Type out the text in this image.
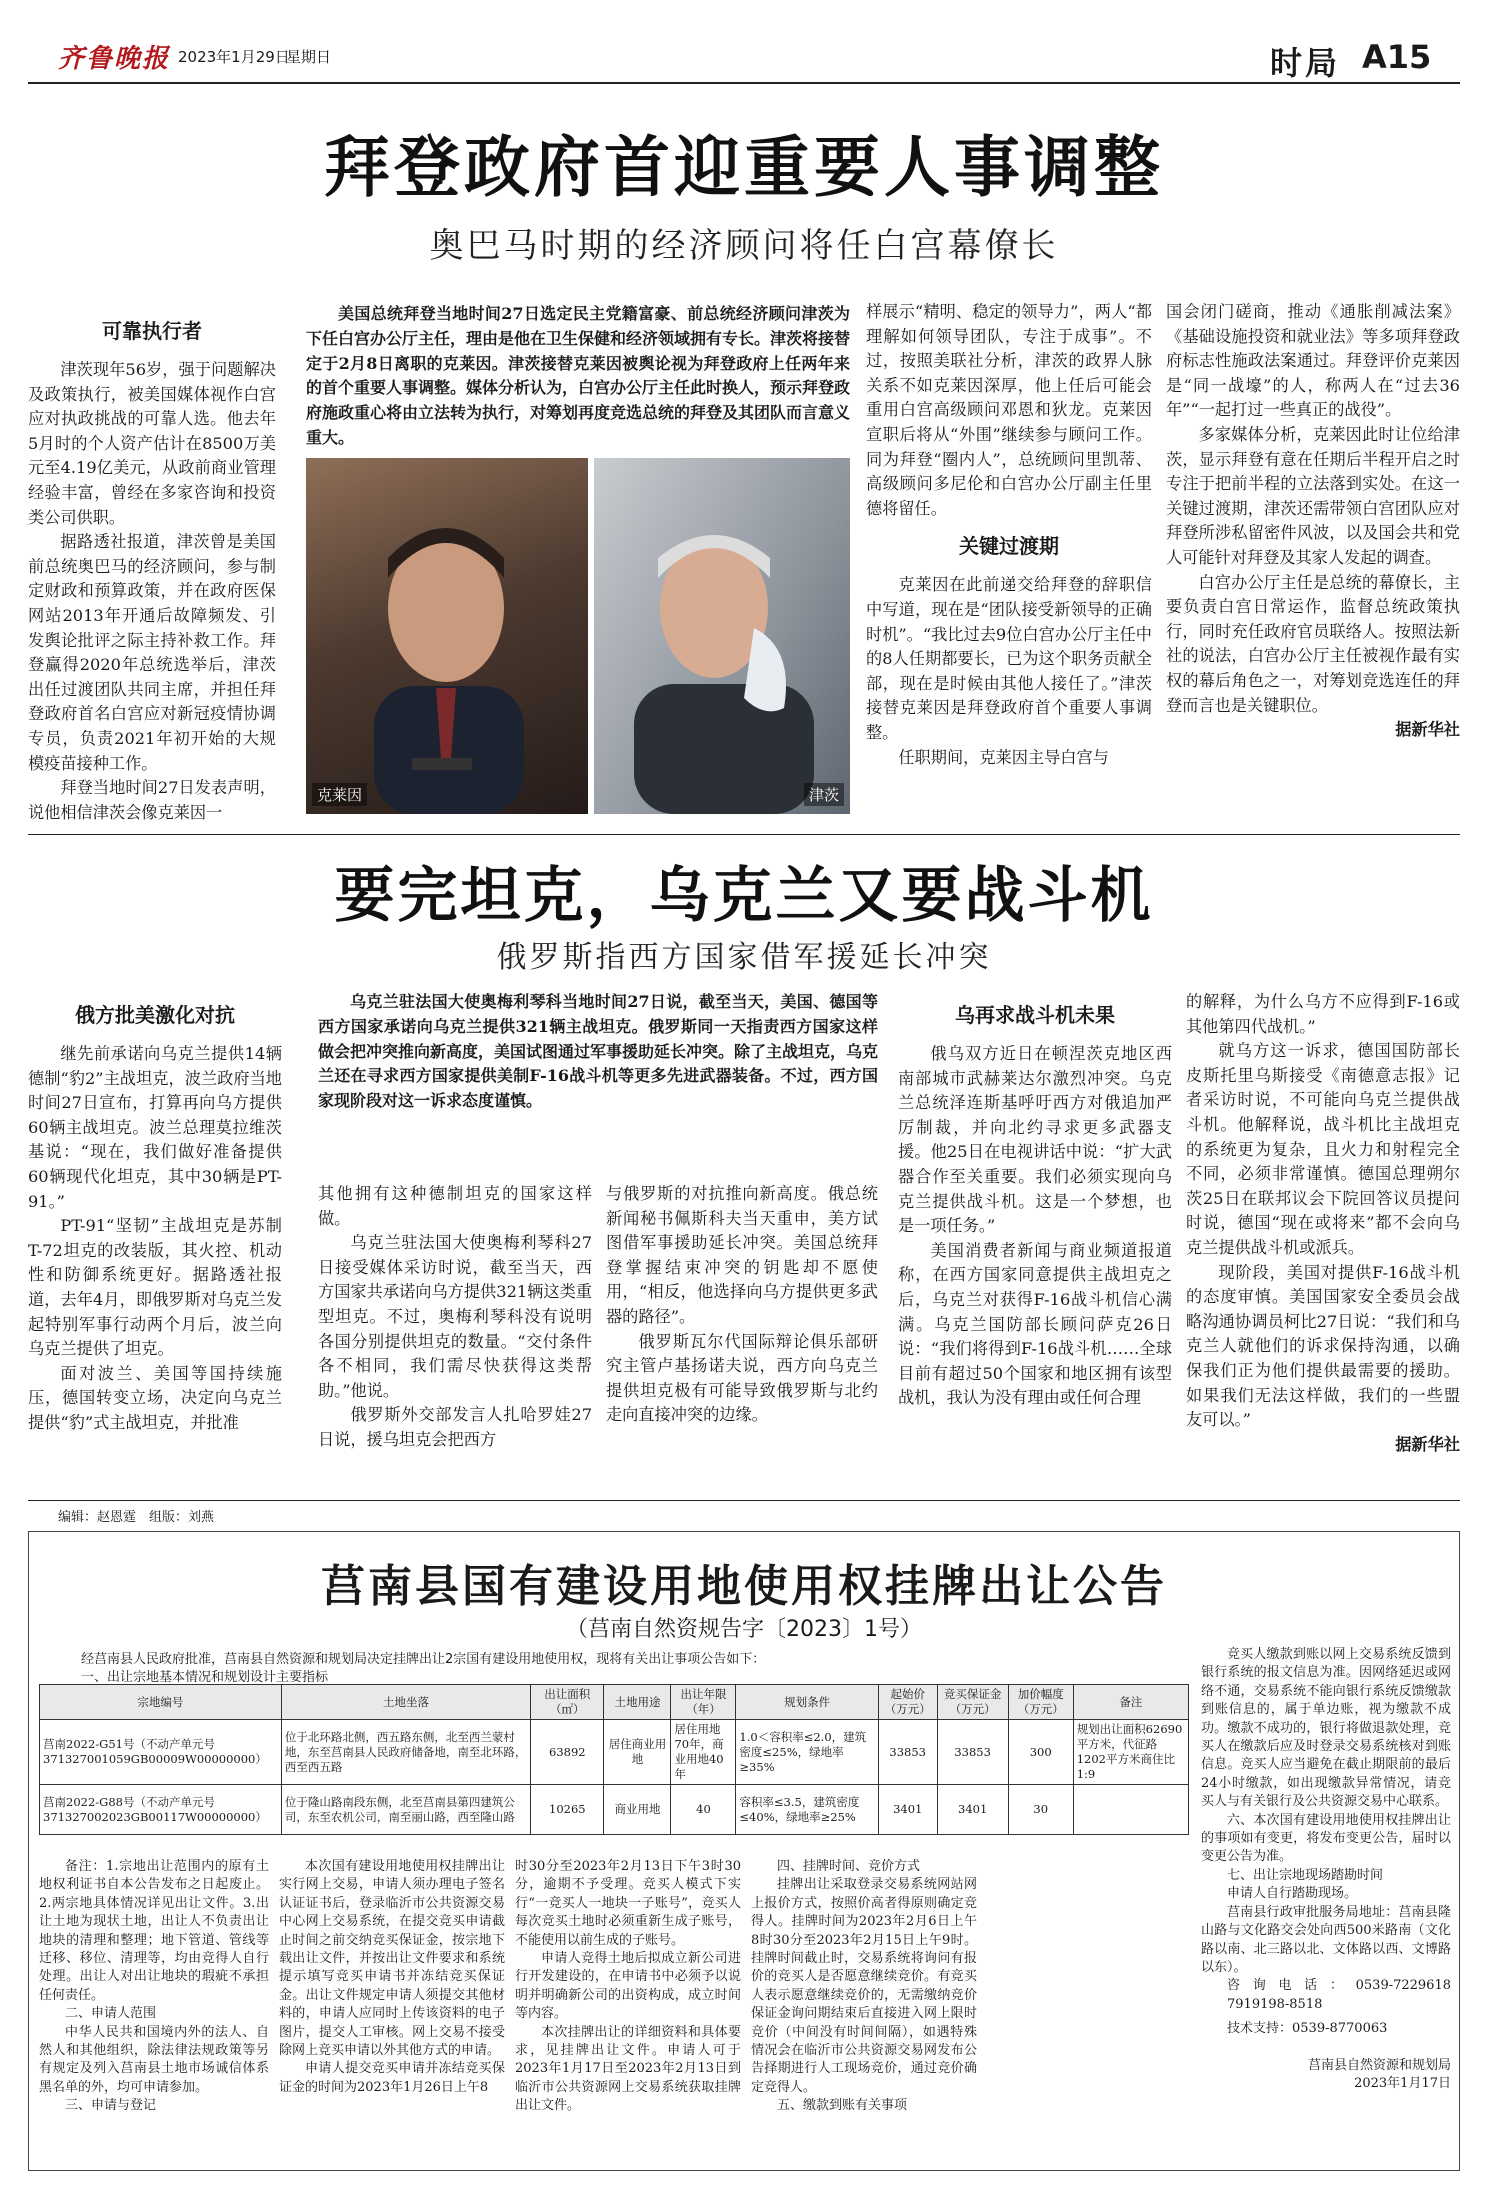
齐鲁晚报 2023年1月29日
星期日	时局 A15
拜登政府首迎重要人事调整
奥巴马时期的经济顾问将任白宫幕僚长
可靠执行者

津茨现年56岁，强于问题解决及政策执行，被美国媒体视作白宫应对执政挑战的可靠人选。他去年5月时的个人资产估计在8500万美元至4.19亿美元，从政前商业管理经验丰富，曾经在多家咨询和投资类公司供职。

据路透社报道，津茨曾是美国前总统奥巴马的经济顾问，参与制定财政和预算政策，并在政府医保网站2013年开通后故障频发、引发舆论批评之际主持补救工作。拜登赢得2020年总统选举后，津茨出任过渡团队共同主席，并担任拜登政府首名白宫应对新冠疫情协调专员，负责2021年初开始的大规模疫苗接种工作。

拜登当地时间27日发表声明，说他相信津茨会像克莱因一

美国总统拜登当地时间27日选定民主党籍富豪、前总统经济顾问津茨为下任白宫办公厅主任，理由是他在卫生保健和经济领域拥有专长。津茨将接替定于2月8日离职的克莱因。津茨接替克莱因被舆论视为拜登政府上任两年来的首个重要人事调整。媒体分析认为，白宫办公厅主任此时换人，预示拜登政府施政重心将由立法转为执行，对筹划再度竞选总统的拜登及其团队而言意义重大。

克莱因	津茨

样展示“精明、稳定的领导力”，两人“都理解如何领导团队，专注于成事”。不过，按照美联社分析，津茨的政界人脉关系不如克莱因深厚，他上任后可能会重用白宫高级顾问邓恩和狄龙。克莱因宣职后将从“外围”继续参与顾问工作。同为拜登“圈内人”，总统顾问里凯蒂、高级顾问多尼伦和白宫办公厅副主任里德将留任。

关键过渡期

克莱因在此前递交给拜登的辞职信中写道，现在是“团队接受新领导的正确时机”。“我比过去9位白宫办公厅主任中的8人任期都要长，已为这个职务贡献全部，现在是时候由其他人接任了。”津茨接替克莱因是拜登政府首个重要人事调整。

任职期间，克莱因主导白宫与

国会闭门磋商，推动《通胀削减法案》《基础设施投资和就业法》等多项拜登政府标志性施政法案通过。拜登评价克莱因是“同一战壕”的人，称两人在“过去36年”“一起打过一些真正的战役”。

多家媒体分析，克莱因此时让位给津茨，显示拜登有意在任期后半程开启之时专注于把前半程的立法落到实处。在这一关键过渡期，津茨还需带领白宫团队应对拜登所涉私留密件风波，以及国会共和党人可能针对拜登及其家人发起的调查。

白宫办公厅主任是总统的幕僚长，主要负责白宫日常运作，监督总统政策执行，同时充任政府官员联络人。按照法新社的说法，白宫办公厅主任被视作最有实权的幕后角色之一，对筹划竞选连任的拜登而言也是关键职位。

据新华社
要完坦克，乌克兰又要战斗机
俄罗斯指西方国家借军援延长冲突
俄方批美激化对抗

继先前承诺向乌克兰提供14辆德制“豹2”主战坦克，波兰政府当地时间27日宣布，打算再向乌方提供60辆主战坦克。波兰总理莫拉维茨基说：“现在，我们做好准备提供60辆现代化坦克，其中30辆是PT-91。”

PT-91“坚韧”主战坦克是苏制T-72坦克的改装版，其火控、机动性和防御系统更好。据路透社报道，去年4月，即俄罗斯对乌克兰发起特别军事行动两个月后，波兰向乌克兰提供了坦克。

面对波兰、美国等国持续施压，德国转变立场，决定向乌克兰提供“豹”式主战坦克，并批准

乌克兰驻法国大使奥梅利琴科当地时间27日说，截至当天，美国、德国等西方国家承诺向乌克兰提供321辆主战坦克。俄罗斯同一天指责西方国家这样做会把冲突推向新高度，美国试图通过军事援助延长冲突。除了主战坦克，乌克兰还在寻求西方国家提供美制F-16战斗机等更多先进武器装备。不过，西方国家现阶段对这一诉求态度谨慎。

其他拥有这种德制坦克的国家这样做。

乌克兰驻法国大使奥梅利琴科27日接受媒体采访时说，截至当天，西方国家共承诺向乌方提供321辆这类重型坦克。不过，奥梅利琴科没有说明各国分别提供坦克的数量。“交付条件各不相同，我们需尽快获得这类帮助。”他说。

俄罗斯外交部发言人扎哈罗娃27日说，援乌坦克会把西方

与俄罗斯的对抗推向新高度。俄总统新闻秘书佩斯科夫当天重申，美方试图借军事援助延长冲突。美国总统拜登掌握结束冲突的钥匙却不愿使用，“相反，他选择向乌方提供更多武器的路径”。

俄罗斯瓦尔代国际辩论俱乐部研究主管卢基扬诺夫说，西方向乌克兰提供坦克极有可能导致俄罗斯与北约走向直接冲突的边缘。

乌再求战斗机未果

俄乌双方近日在顿涅茨克地区西南部城市武赫莱达尔激烈冲突。乌克兰总统泽连斯基呼吁西方对俄追加严厉制裁，并向北约寻求更多武器支援。他25日在电视讲话中说：“扩大武器合作至关重要。我们必须实现向乌克兰提供战斗机。这是一个梦想，也是一项任务。”

美国消费者新闻与商业频道报道称，在西方国家同意提供主战坦克之后，乌克兰对获得F-16战斗机信心满满。乌克兰国防部长顾问萨克26日说：“我们将得到F-16战斗机……全球目前有超过50个国家和地区拥有该型战机，我认为没有理由或任何合理

的解释，为什么乌方不应得到F-16或其他第四代战机。”

就乌方这一诉求，德国国防部长皮斯托里乌斯接受《南德意志报》记者采访时说，不可能向乌克兰提供战斗机。他解释说，战斗机比主战坦克的系统更为复杂，且火力和射程完全不同，必须非常谨慎。德国总理朔尔茨25日在联邦议会下院回答议员提问时说，德国“现在或将来”都不会向乌克兰提供战斗机或派兵。

现阶段，美国对提供F-16战斗机的态度审慎。美国国家安全委员会战略沟通协调员柯比27日说：“我们和乌克兰人就他们的诉求保持沟通，以确保我们正为他们提供最需要的援助。如果我们无法这样做，我们的一些盟友可以。”

据新华社
编辑：赵恩霆　组版：刘燕
莒南县国有建设用地使用权挂牌出让公告
（莒南自然资规告字〔2023〕1号）
经莒南县人民政府批准，莒南县自然资源和规划局决定挂牌出让2宗国有建设用地使用权，现将有关出让事项公告如下：
一、出让宗地基本情况和规划设计主要指标
宗地编号	土地坐落	出让面积（㎡）	土地用途	出让年限（年）	规划条件	起始价（万元）	竞买保证金（万元）	加价幅度（万元）	备注
莒南2022-G51号（不动产单元号371327001059GB00009W00000000）	位于北环路北侧，西五路东侧，北至西兰蒙村地，东至莒南县人民政府储备地，南至北环路，西至西五路	63892	居住商业用地	居住用地70年，商业用地40年	1.0＜容积率≤2.0，建筑密度≤25%，绿地率≥35%	33853	33853	300	规划出让面积62690平方米，代征路1202平方米商住比1:9
莒南2022-G88号（不动产单元号371327002023GB00117W00000000）	位于隆山路南段东侧，北至莒南县第四建筑公司，东至农机公司，南至丽山路，西至隆山路	10265	商业用地	40	容积率≤3.5，建筑密度≤40%，绿地率≥25%	3401	3401	30	

备注：1.宗地出让范围内的原有土地权利证书自本公告发布之日起废止。2.两宗地具体情况详见出让文件。3.出让土地为现状土地，出让人不负责出让地块的清理和整理；地下管道、管线等迁移、移位、清理等，均由竞得人自行处理。出让人对出让地块的瑕疵不承担任何责任。

二、申请人范围

中华人民共和国境内外的法人、自然人和其他组织，除法律法规政策等另有规定及列入莒南县土地市场诚信体系黑名单的外，均可申请参加。

三、申请与登记

本次国有建设用地使用权挂牌出让实行网上交易，申请人须办理电子签名认证证书后，登录临沂市公共资源交易中心网上交易系统，在提交竞买申请截止时间之前交纳竞买保证金，按宗地下载出让文件，并按出让文件要求和系统提示填写竞买申请书并冻结竞买保证金。出让文件规定申请人须提交其他材料的，申请人应同时上传该资料的电子图片，提交人工审核。网上交易不接受除网上竞买申请以外其他方式的申请。

申请人提交竞买申请并冻结竞买保证金的时间为2023年1月26日上午8

时30分至2023年2月13日下午3时30分，逾期不予受理。竞买人模式下实行“一竞买人一地块一子账号”，竞买人每次竞买土地时必须重新生成子账号，不能使用以前生成的子账号。

申请人竞得土地后拟成立新公司进行开发建设的，在申请书中必须予以说明并明确新公司的出资构成，成立时间等内容。

本次挂牌出让的详细资料和具体要求，见挂牌出让文件。申请人可于2023年1月17日至2023年2月13日到临沂市公共资源网上交易系统获取挂牌出让文件。

四、挂牌时间、竞价方式

挂牌出让采取登录交易系统网站网上报价方式，按照价高者得原则确定竞得人。挂牌时间为2023年2月6日上午8时30分至2023年2月15日上午9时。挂牌时间截止时，交易系统将询问有报价的竞买人是否愿意继续竞价。有竞买人表示愿意继续竞价的，无需缴纳竞价保证金询问期结束后直接进入网上限时竞价（中间没有时间间隔），如遇特殊情况会在临沂市公共资源交易网发布公告择期进行人工现场竞价，通过竞价确定竞得人。

五、缴款到账有关事项

竞买人缴款到账以网上交易系统反馈到银行系统的报文信息为准。因网络延迟或网络不通，交易系统不能向银行系统反馈缴款到账信息的，属于单边账，视为缴款不成功。缴款不成功的，银行将做退款处理，竞买人在缴款后应及时登录交易系统核对到账信息。竞买人应当避免在截止期限前的最后24小时缴款，如出现缴款异常情况，请竞买人与有关银行及公共资源交易中心联系。

六、本次国有建设用地使用权挂牌出让的事项如有变更，将发布变更公告，届时以变更公告为准。

七、出让宗地现场踏勘时间

申请人自行踏勘现场。

莒南县行政审批服务局地址：莒南县隆山路与文化路交会处向西500米路南（文化路以南、北三路以北、文体路以西、文博路以东）。

咨询电话：0539-7229618 7919198-8518
技术支持：0539-8770063
莒南县自然资源和规划局
2023年1月17日
